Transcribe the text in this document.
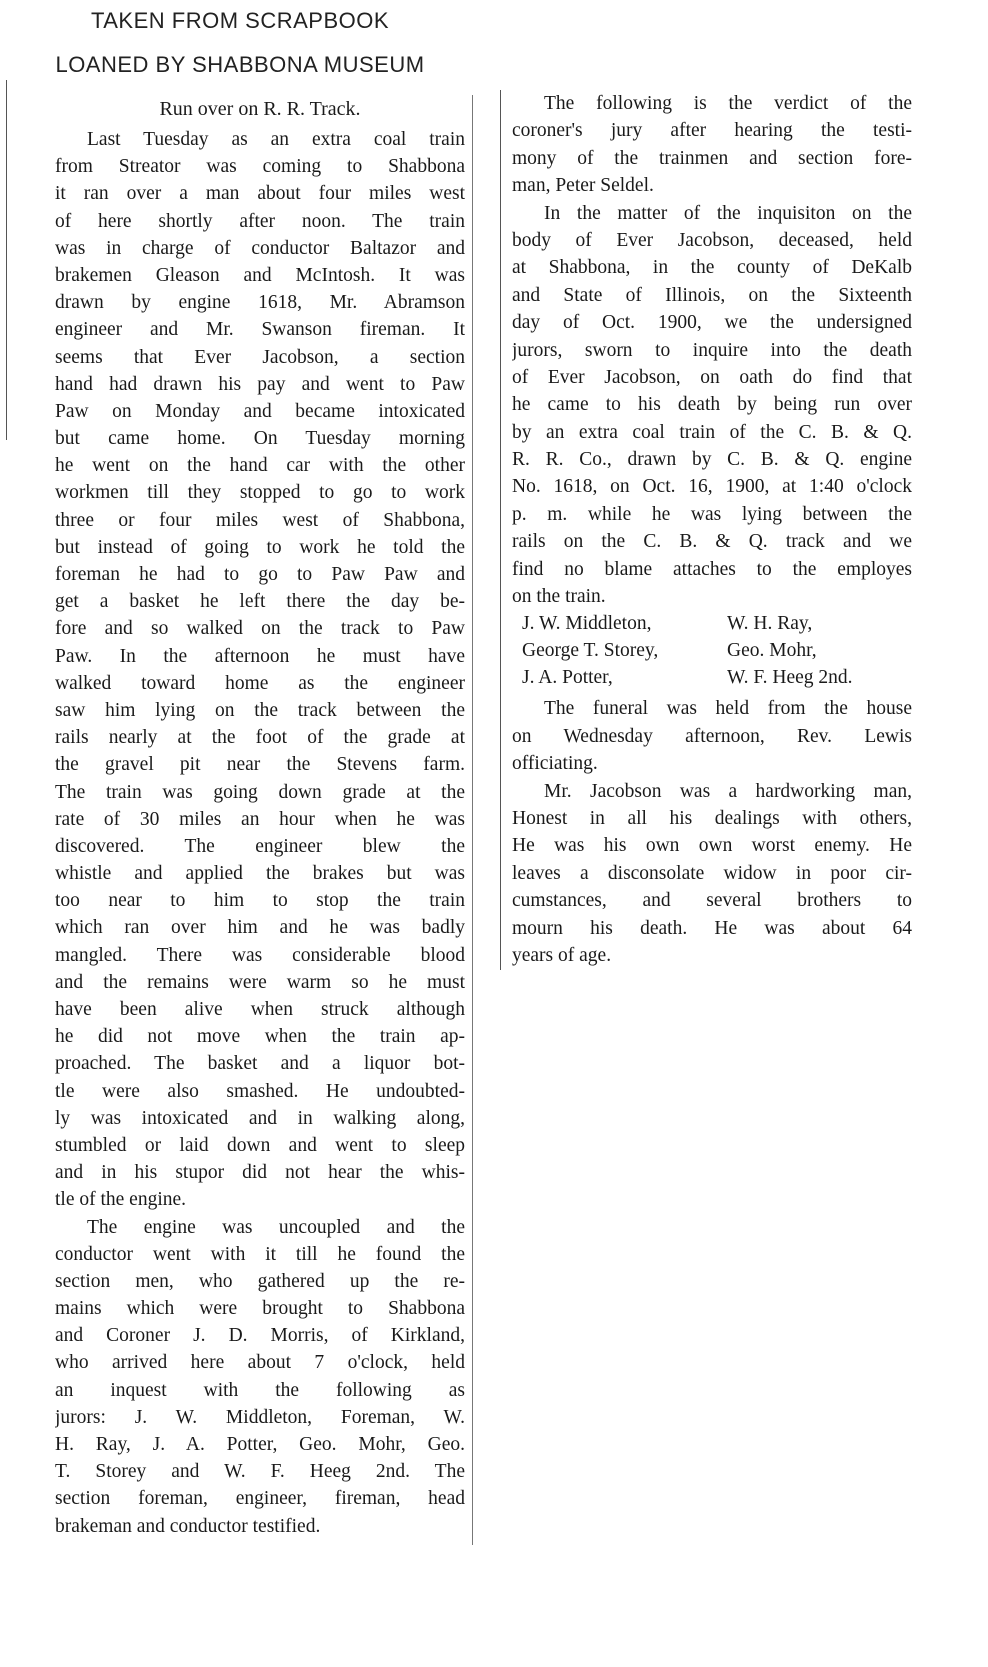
TAKEN FROM SCRAPBOOK
LOANED BY SHABBONA MUSEUM
Run over on R. R. Track.
Last Tuesday as an extra coal train
from Streator was coming to Shabbona
it ran over a man about four miles west
of here shortly after noon. The train
was in charge of conductor Baltazor and
brakemen Gleason and McIntosh. It was
drawn by engine 1618, Mr. Abramson
engineer and Mr. Swanson fireman. It
seems that Ever Jacobson, a section
hand had drawn his pay and went to Paw
Paw on Monday and became intoxicated
but came home. On Tuesday morning
he went on the hand car with the other
workmen till they stopped to go to work
three or four miles west of Shabbona,
but instead of going to work he told the
foreman he had to go to Paw Paw and
get a basket he left there the day be-
fore and so walked on the track to Paw
Paw. In the afternoon he must have
walked toward home as the engineer
saw him lying on the track between the
rails nearly at the foot of the grade at
the gravel pit near the Stevens farm.
The train was going down grade at the
rate of 30 miles an hour when he was
discovered. The engineer blew the
whistle and applied the brakes but was
too near to him to stop the train
which ran over him and he was badly
mangled. There was considerable blood
and the remains were warm so he must
have been alive when struck although
he did not move when the train ap-
proached. The basket and a liquor bot-
tle were also smashed. He undoubted-
ly was intoxicated and in walking along,
stumbled or laid down and went to sleep
and in his stupor did not hear the whis-
tle of the engine.
The engine was uncoupled and the
conductor went with it till he found the
section men, who gathered up the re-
mains which were brought to Shabbona
and Coroner J. D. Morris, of Kirkland,
who arrived here about 7 o'clock, held
an inquest with the following as
jurors: J. W. Middleton, Foreman, W.
H. Ray, J. A. Potter, Geo. Mohr, Geo.
T. Storey and W. F. Heeg 2nd. The
section foreman, engineer, fireman, head
brakeman and conductor testified.
The following is the verdict of the
coroner's jury after hearing the testi-
mony of the trainmen and section fore-
man, Peter Seldel.
In the matter of the inquisiton on the
body of Ever Jacobson, deceased, held
at Shabbona, in the county of DeKalb
and State of Illinois, on the Sixteenth
day of Oct. 1900, we the undersigned
jurors, sworn to inquire into the death
of Ever Jacobson, on oath do find that
he came to his death by being run over
by an extra coal train of the C. B. & Q.
R. R. Co., drawn by C. B. & Q. engine
No. 1618, on Oct. 16, 1900, at 1:40 o'clock
p. m. while he was lying between the
rails on the C. B. & Q. track and we
find no blame attaches to the employes
on the train.
J. W. Middleton,	W. H. Ray,
George T. Storey,	Geo. Mohr,
J. A. Potter,	W. F. Heeg 2nd.
The funeral was held from the house
on Wednesday afternoon, Rev. Lewis
officiating.
Mr. Jacobson was a hardworking man,
Honest in all his dealings with others,
He was his own own worst enemy. He
leaves a disconsolate widow in poor cir-
cumstances, and several brothers to
mourn his death. He was about 64
years of age.
